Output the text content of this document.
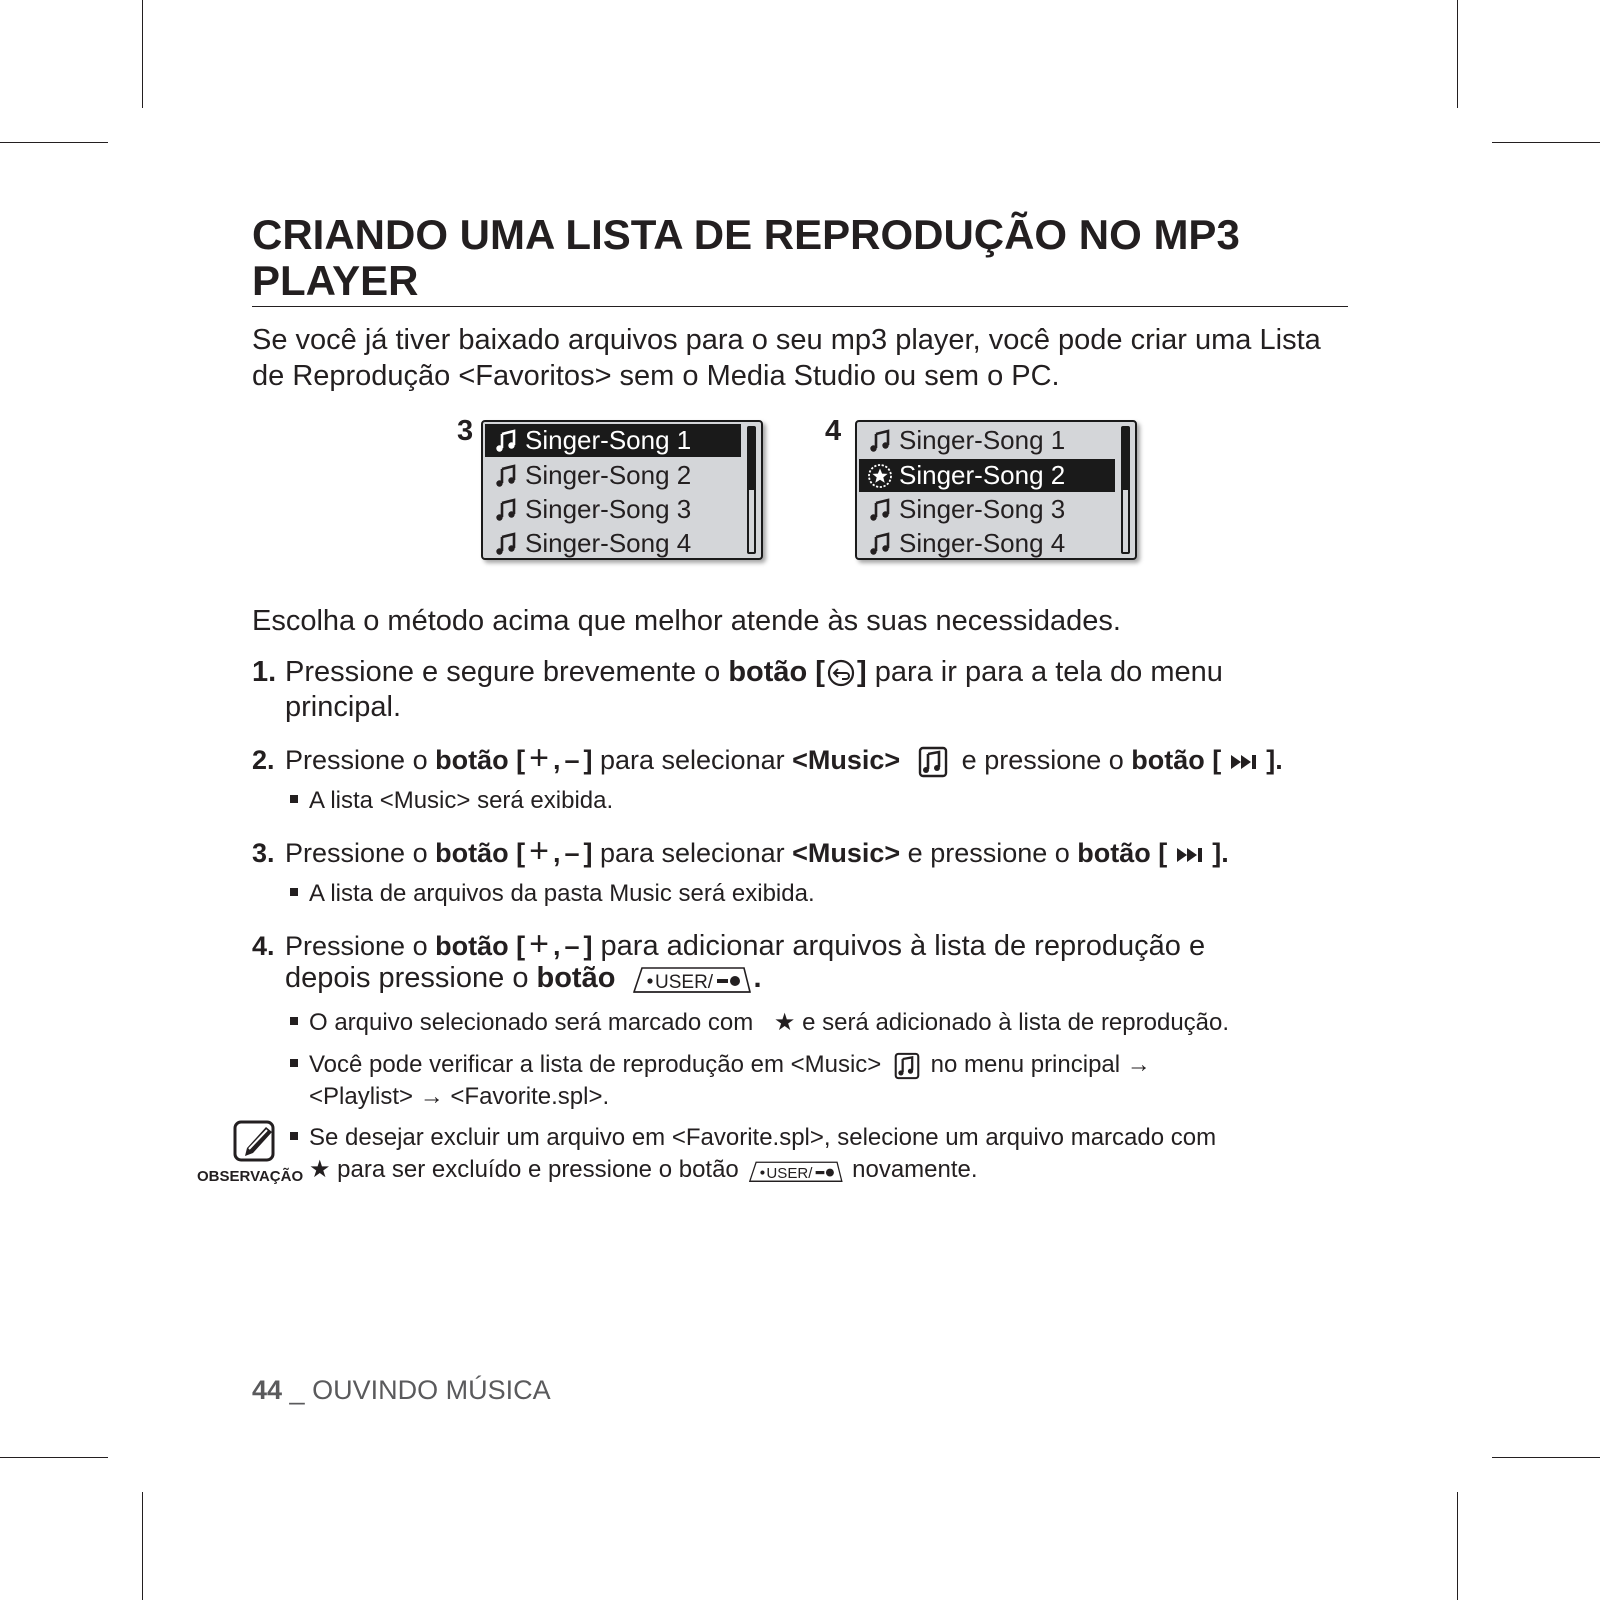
CRIANDO UMA LISTA DE REPRODUÇÃO NO MP3 PLAYER

Se você já tiver baixado arquivos para o seu mp3 player, você pode criar uma Lista de Reprodução <Favoritos> sem o Media Studio ou sem o PC.

3 Singer-Song 1
Singer-Song 2
Singer-Song 3
Singer-Song 4
4 Singer-Song 1
Singer-Song 2
Singer-Song 3
Singer-Song 4

Escolha o método acima que melhor atende às suas necessidades.

1. Pressione e segure brevemente o botão [ ] para ir para a tela do menu

principal.

2. Pressione o botão [ + , – ] para selecionar <Music>
e pressione o botão [
].

A lista <Music> será exibida.

3. Pressione o botão [ + , – ] para selecionar <Music> e pressione o botão [
].

A lista de arquivos da pasta Music será exibida.

4. Pressione o botão [ + , – ] para adicionar arquivos à lista de reprodução e

depois pressione o botão USER/ .

O arquivo selecionado será marcado com ★ e será adicionado à lista de reprodução.

Você pode verificar a lista de reprodução em <Music>
no menu principal →

<Playlist> → <Favorite.spl>.

OBSERVAÇÃO

Se desejar excluir um arquivo em <Favorite.spl>, selecione um arquivo marcado com

★ para ser excluído e pressione o botão USER/ novamente.

44 _ OUVINDO MÚSICA
